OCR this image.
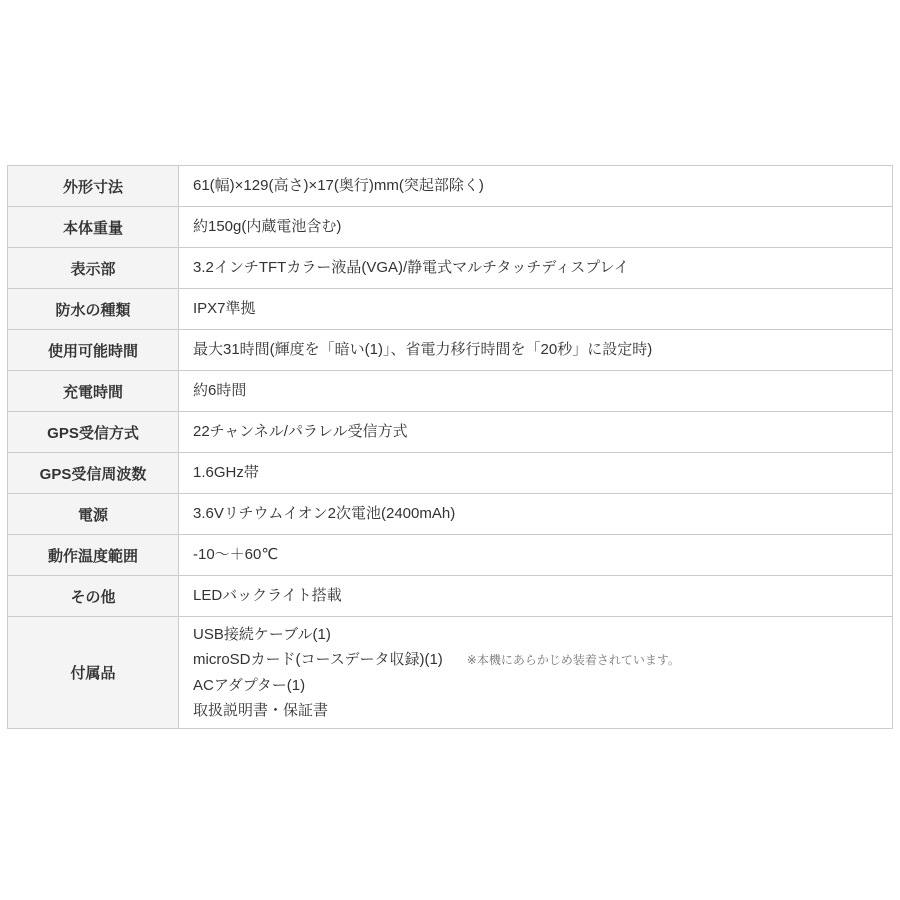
外形寸法	61(幅)×129(高さ)×17(奥行)mm(突起部除く)
本体重量	約150g(内蔵電池含む)
表示部	3.2インチTFTカラー液晶(VGA)/静電式マルチタッチディスプレイ
防水の種類	IPX7準拠
使用可能時間	最大31時間(輝度を「暗い(1)」、省電力移行時間を「20秒」に設定時)
充電時間	約6時間
GPS受信方式	22チャンネル/パラレル受信方式
GPS受信周波数	1.6GHz帯
電源	3.6Vリチウムイオン2次電池(2400mAh)
動作温度範囲	-10～＋60℃
その他	LEDバックライト搭載
付属品	USB接続ケーブル(1)
microSDカード(コースデータ収録)(1) ※本機にあらかじめ装着されています。
ACアダプター(1)
取扱説明書・保証書
